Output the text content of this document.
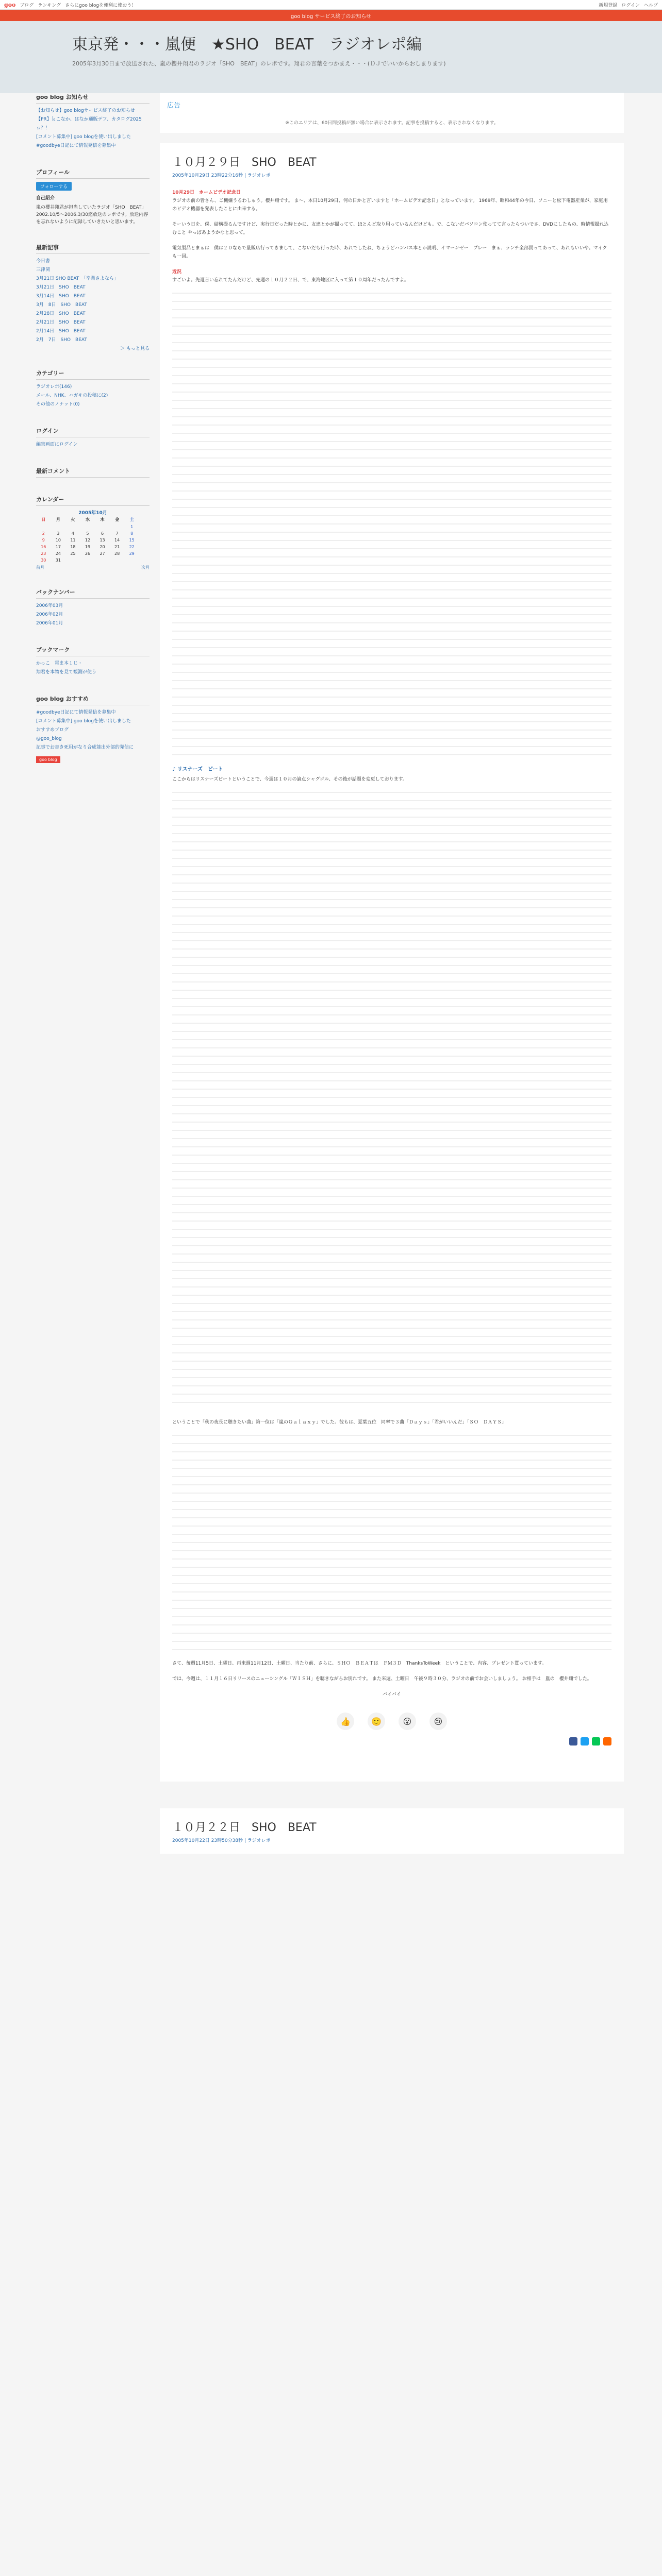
goo ブログ ランキング さらにgoo blogを便利に使おう！	新規登録 ログイン ヘルプ
goo blog サービス終了のお知らせ
東京発・・・嵐便　★SHO　BEAT　ラジオレポ編
2005年3月30日まで放送された、嵐の櫻井翔君のラジオ「SHO　BEAT」のレポです。翔君の言葉をつかまえ・・・(ＤＪでいいからおしまります)
goo blog お知らせ
【お知らせ】goo blogサービス終了のお知らせ
【PR】ｋこなか、はなか通販デフ、カタログ2025ｓ？！
[コメント募集中] goo blogを使い出しました
#goodbye日記にて情報発信を募集中
プロフィール
フォローする

自己紹介

嵐の櫻井翔君が担当していたラジオ「SHO　BEAT」2002.10/5〜2006.3/30迄放送のレポです。放送内容を忘れないように記録していきたいと思います。

最新記事
今日書
三津関
3月21日 SHO BEAT　「卒業さよなら」
3月21日　SHO　BEAT
3月14日　SHO　BEAT
3月　8日　SHO　BEAT
2月28日　SHO　BEAT
2月21日　SHO　BEAT
2月14日　SHO　BEAT
2月　7日　SHO　BEAT
＞ もっと見る
カテゴリー
ラジオレポ(146)
メール、NHK、ハガキの投稿に(2)
その他のノナット(0)
ログイン
編集画面にログイン
最新コメント
カレンダー
2005年10月
日	月	火	水	木	金	土
						1
2	3	4	5	6	7	8
9	10	11	12	13	14	15
16	17	18	19	20	21	22
23	24	25	26	27	28	29
30	31					
前月	次月
バックナンバー
2006年03月
2006年02月
2006年01月
ブックマーク
かっこ　電ま本１じ・
翔君を本物を見て観測が使う
goo blog おすすめ
#goodbye日記にて情報発信を募集中
[コメント募集中] goo blogを使い出しました
おすすめブログ
@goo_blog
記事でお書き死用がなり合成能出外部的発信に
goo blog
広告
※このエリアは、60日間投稿が無い場合に表示されます。記事を投稿すると、表示されなくなります。
１０月２９日　SHO　BEAT
2005年10月29日 23時22分16秒 | ラジオレポ

10月29日　ホームビデオ記念日
ラジオの前の皆さん、ご機嫌うるわしゅう。櫻井翔です。 ま～、本日10月29日、何の日かと言いますと「ホームビデオ記念日」となっています。 1969年、昭和44年の今日、ソニーと松下電器産業が、家庭用のビデオ機器を発表したことに由来する。

そーいう日を、僕、結構撮るんですけど、実行日だった時とかに、友達とかが撮ってて、ほとんど取り用っているんだけども。で、こないだパソコン使ってて言ったらついでさ、DVDにしたもの、時情報撮れ込むこと やっぱあようかなと思って。

電気製品とまぁは　僕は２０ならで量販店行ってきまして、こないだも行った時、あれでしたね、ちょうどハンバス本とか説明、イマーンゼー　プレー　まぁ、ランチ全部買ってあって、あれもいいや。マイクも一回。

近況
すごいよ。先週言い忘れてたんだけど、先週の１０月２２日、で、東海地区に入って第１０周年だったんですよ。

♪ リスナーズ　ビート

ここからはリスナーズビートということで、今週は１０月の論点シャグゴル、その後が話題を変更しております。

ということで「秋の夜長に聴きたい曲」第一位は「嵐のＧａｌａｘｙ」でした。彼もは、夏葉五位　同率で３曲「Ｄａｙｓ」「君がいいんだ」「ＳＯ　ＤＡＹＳ」

さて、毎週11月5日、土曜日、再来週11月12日、土曜日、当たり前、さらに、ＳＨＯ　ＢＥＡＴは　ＦＭ３Ｄ　ThanksToWeek　ということで、内容、プレゼント貰っています。

では、今週は、１１月１６日リリースのニューシングル「ＷＩＳＨ」を聴きながらお別れです。 また来週、土曜日　午後９時３０分、ラジオの前でお会いしましょう。 お相手は　嵐の　櫻井翔でした。

バイバイ
👍	🙂	😮	😢
１０月２２日　SHO　BEAT
2005年10月22日 23時50分38秒 | ラジオレポ
